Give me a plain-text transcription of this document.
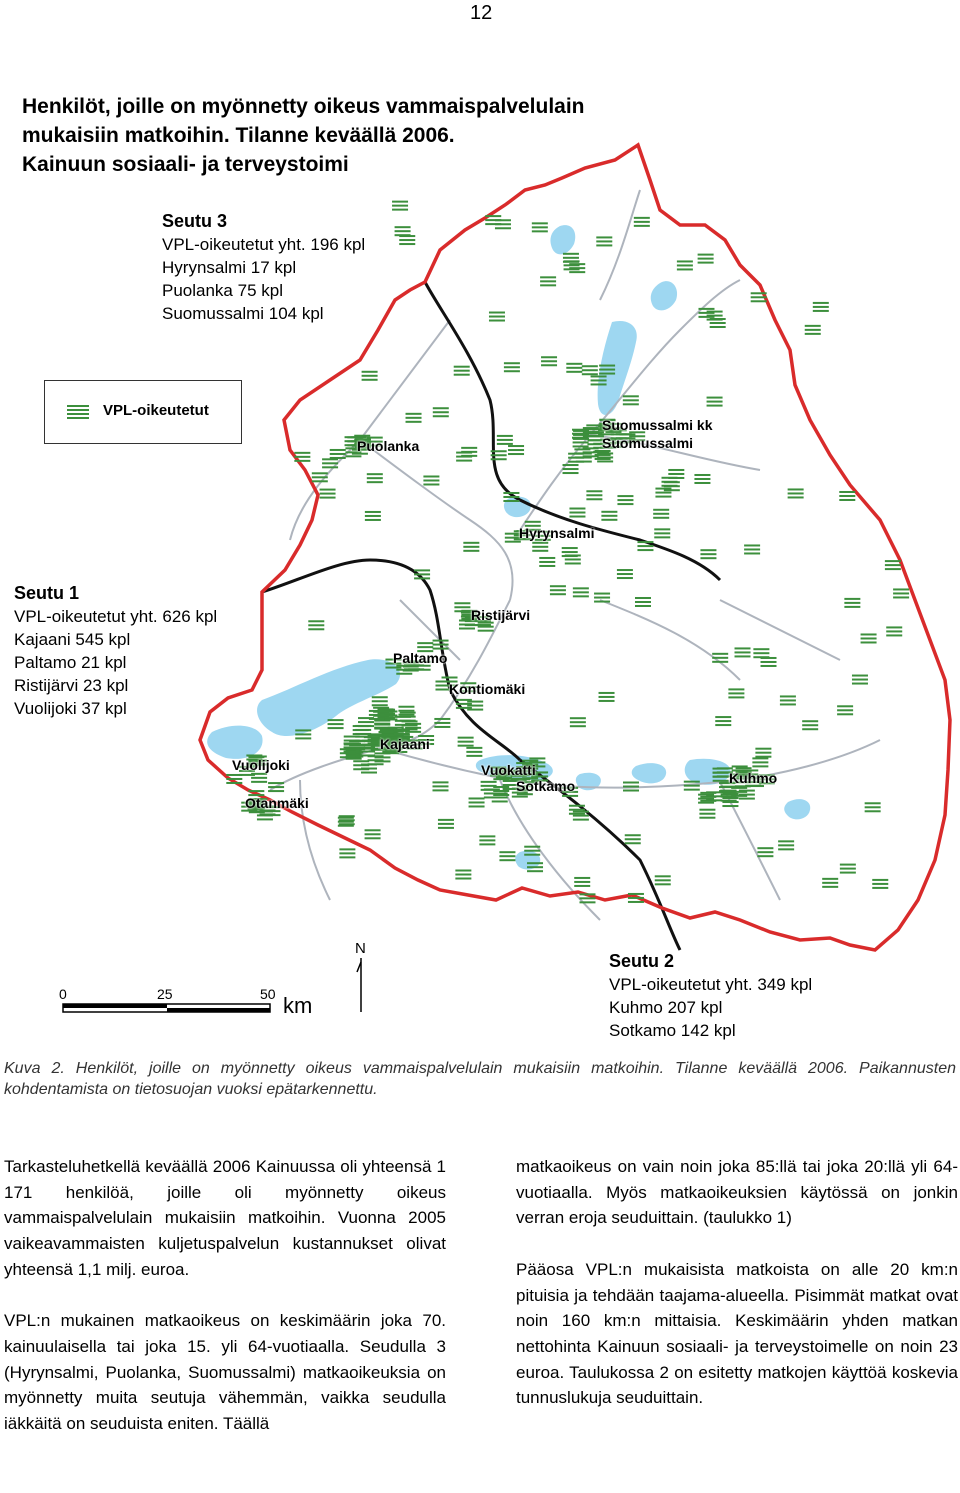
12
Henkilöt, joille on myönnetty oikeus vammaispalvelulain
mukaisiin matkoihin. Tilanne keväällä 2006.
Kainuun sosiaali- ja terveystoimi
Seutu 3
VPL-oikeutetut yht. 196 kpl
Hyrynsalmi 17 kpl
Puolanka 75 kpl
Suomussalmi 104 kpl
VPL-oikeutetut
Seutu 1
VPL-oikeutetut yht. 626 kpl
Kajaani 545 kpl
Paltamo 21 kpl
Ristijärvi 23 kpl
Vuolijoki 37 kpl
Seutu 2
VPL-oikeutetut yht. 349 kpl
Kuhmo 207 kpl
Sotkamo 142 kpl
Suomussalmi kk
Suomussalmi
Puolanka
Hyrynsalmi
Ristijärvi
Paltamo
Kontiomäki
Kajaani
Vuolijoki
Otanmäki
Vuokatti
Sotkamo	Kuhmo
N
0	25	50 km
Kuva 2. Henkilöt, joille on myönnetty oikeus vammaispalvelulain mukaisiin matkoihin. Tilanne keväällä 2006. Paikannusten kohdentamista on tietosuojan vuoksi epätarkennettu.

Tarkasteluhetkellä keväällä 2006 Kainuussa oli yhteensä 1 171 henkilöä, joille oli myönnetty oikeus vammaispalvelulain mukaisiin matkoihin. Vuonna 2005 vaikeavammaisten kuljetuspalvelun kustannukset olivat yhteensä 1,1 milj. euroa.

VPL:n mukainen matkaoikeus on keskimäärin joka 70. kainuulaisella tai joka 15. yli 64-vuotiaalla. Seudulla 3 (Hyrynsalmi, Puolanka, Suomussalmi) matkaoikeuksia on myönnetty muita seutuja vähemmän, vaikka seudulla iäkkäitä on seuduista eniten. Täällä

matkaoikeus on vain noin joka 85:llä tai joka 20:llä yli 64-vuotiaalla. Myös matkaoikeuksien käytössä on jonkin verran eroja seuduittain. (taulukko 1)

Pääosa VPL:n mukaisista matkoista on alle 20 km:n pituisia ja tehdään taajama-alueella. Pisimmät matkat ovat noin 160 km:n mittaisia. Keskimäärin yhden matkan nettohinta Kainuun sosiaali- ja terveystoimelle on noin 23 euroa. Taulukossa 2 on esitetty matkojen käyttöä koskevia tunnuslukuja seuduittain.
